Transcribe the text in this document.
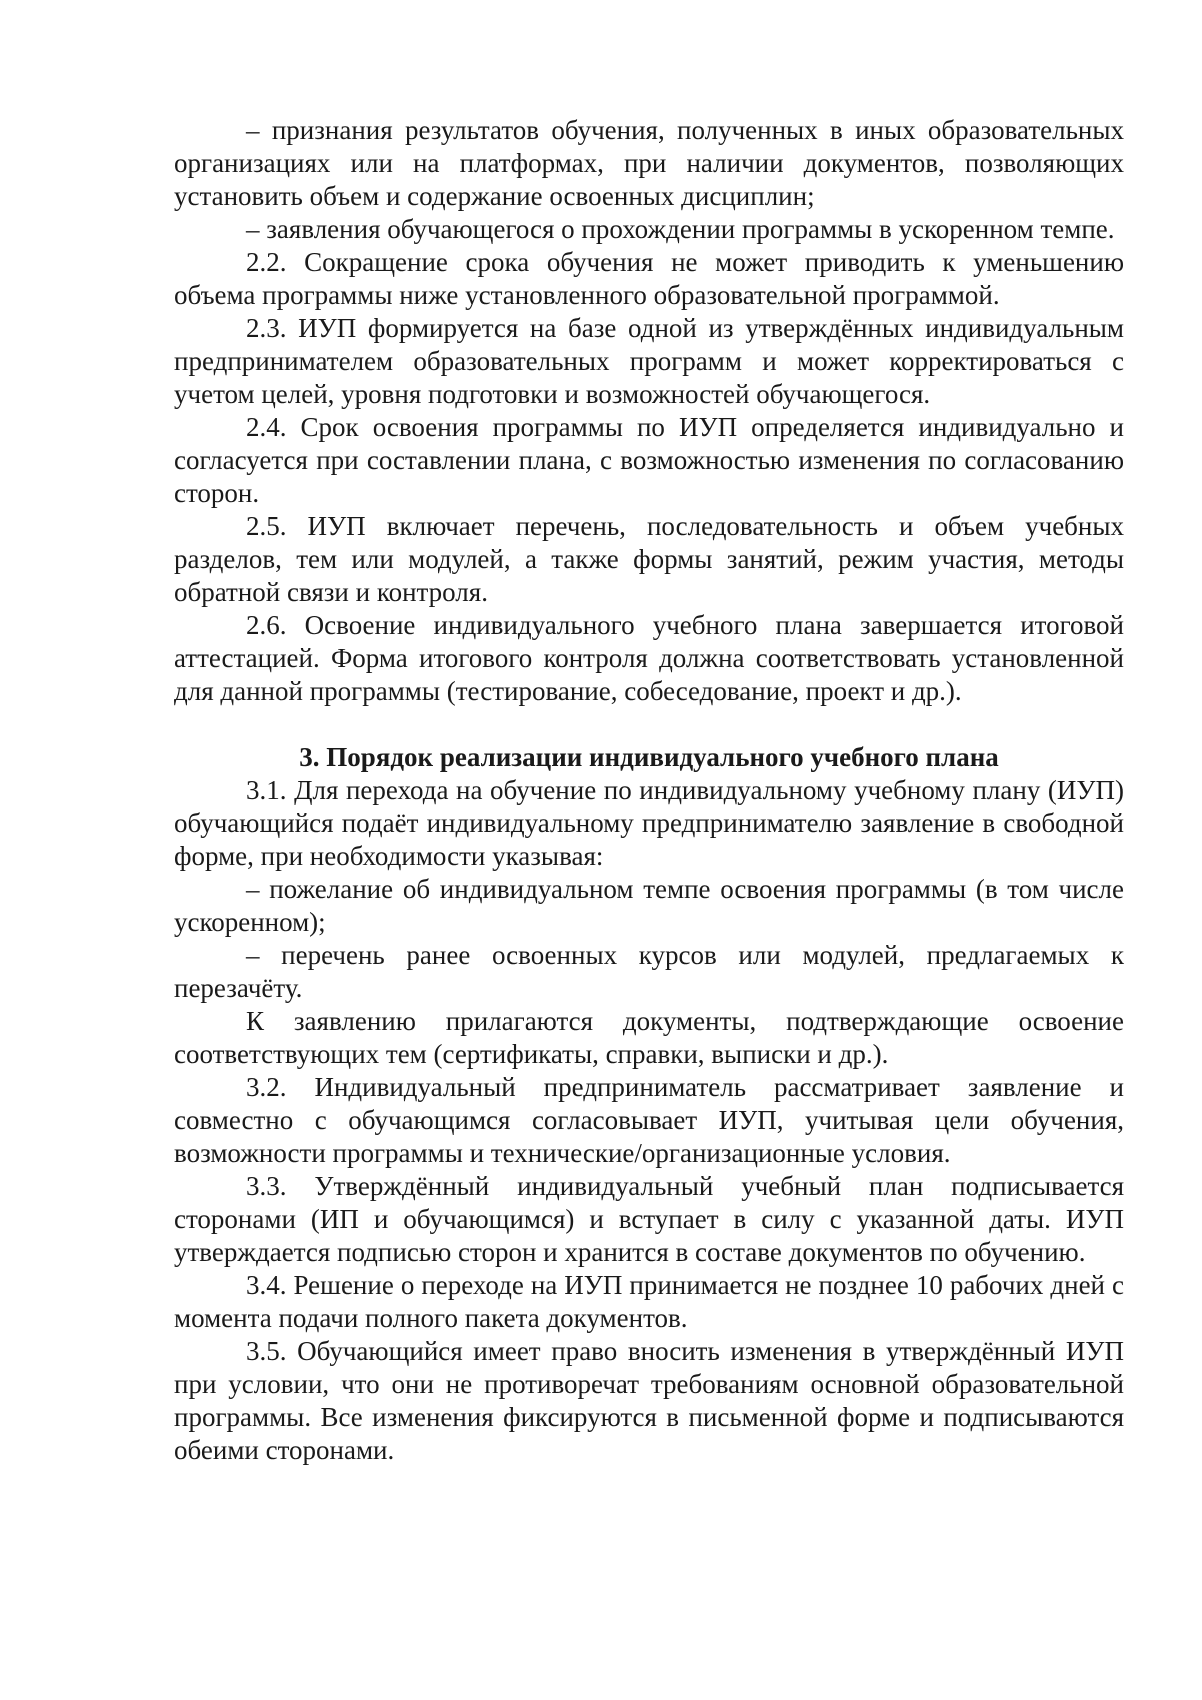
– признания результатов обучения, полученных в иных образовательных организациях или на платформах, при наличии документов, позволяющих установить объем и содержание освоенных дисциплин;

– заявления обучающегося о прохождении программы в ускоренном темпе.

2.2. Сокращение срока обучения не может приводить к уменьшению объема программы ниже установленного образовательной программой.

2.3. ИУП формируется на базе одной из утверждённых индивидуальным предпринимателем образовательных программ и может корректироваться с учетом целей, уровня подготовки и возможностей обучающегося.

2.4. Срок освоения программы по ИУП определяется индивидуально и согласуется при составлении плана, с возможностью изменения по согласованию сторон.

2.5. ИУП включает перечень, последовательность и объем учебных разделов, тем или модулей, а также формы занятий, режим участия, методы обратной связи и контроля.

2.6. Освоение индивидуального учебного плана завершается итоговой аттестацией. Форма итогового контроля должна соответствовать установленной для данной программы (тестирование, собеседование, проект и др.).

3. Порядок реализации индивидуального учебного плана

3.1. Для перехода на обучение по индивидуальному учебному плану (ИУП) обучающийся подаёт индивидуальному предпринимателю заявление в свободной форме, при необходимости указывая:

– пожелание об индивидуальном темпе освоения программы (в том числе ускоренном);

– перечень ранее освоенных курсов или модулей, предлагаемых к перезачёту.

К заявлению прилагаются документы, подтверждающие освоение соответствующих тем (сертификаты, справки, выписки и др.).

3.2. Индивидуальный предприниматель рассматривает заявление и совместно с обучающимся согласовывает ИУП, учитывая цели обучения, возможности программы и технические/организационные условия.

3.3. Утверждённый индивидуальный учебный план подписывается сторонами (ИП и обучающимся) и вступает в силу с указанной даты. ИУП утверждается подписью сторон и хранится в составе документов по обучению.

3.4. Решение о переходе на ИУП принимается не позднее 10 рабочих дней с момента подачи полного пакета документов.

3.5. Обучающийся имеет право вносить изменения в утверждённый ИУП при условии, что они не противоречат требованиям основной образовательной программы. Все изменения фиксируются в письменной форме и подписываются обеими сторонами.
